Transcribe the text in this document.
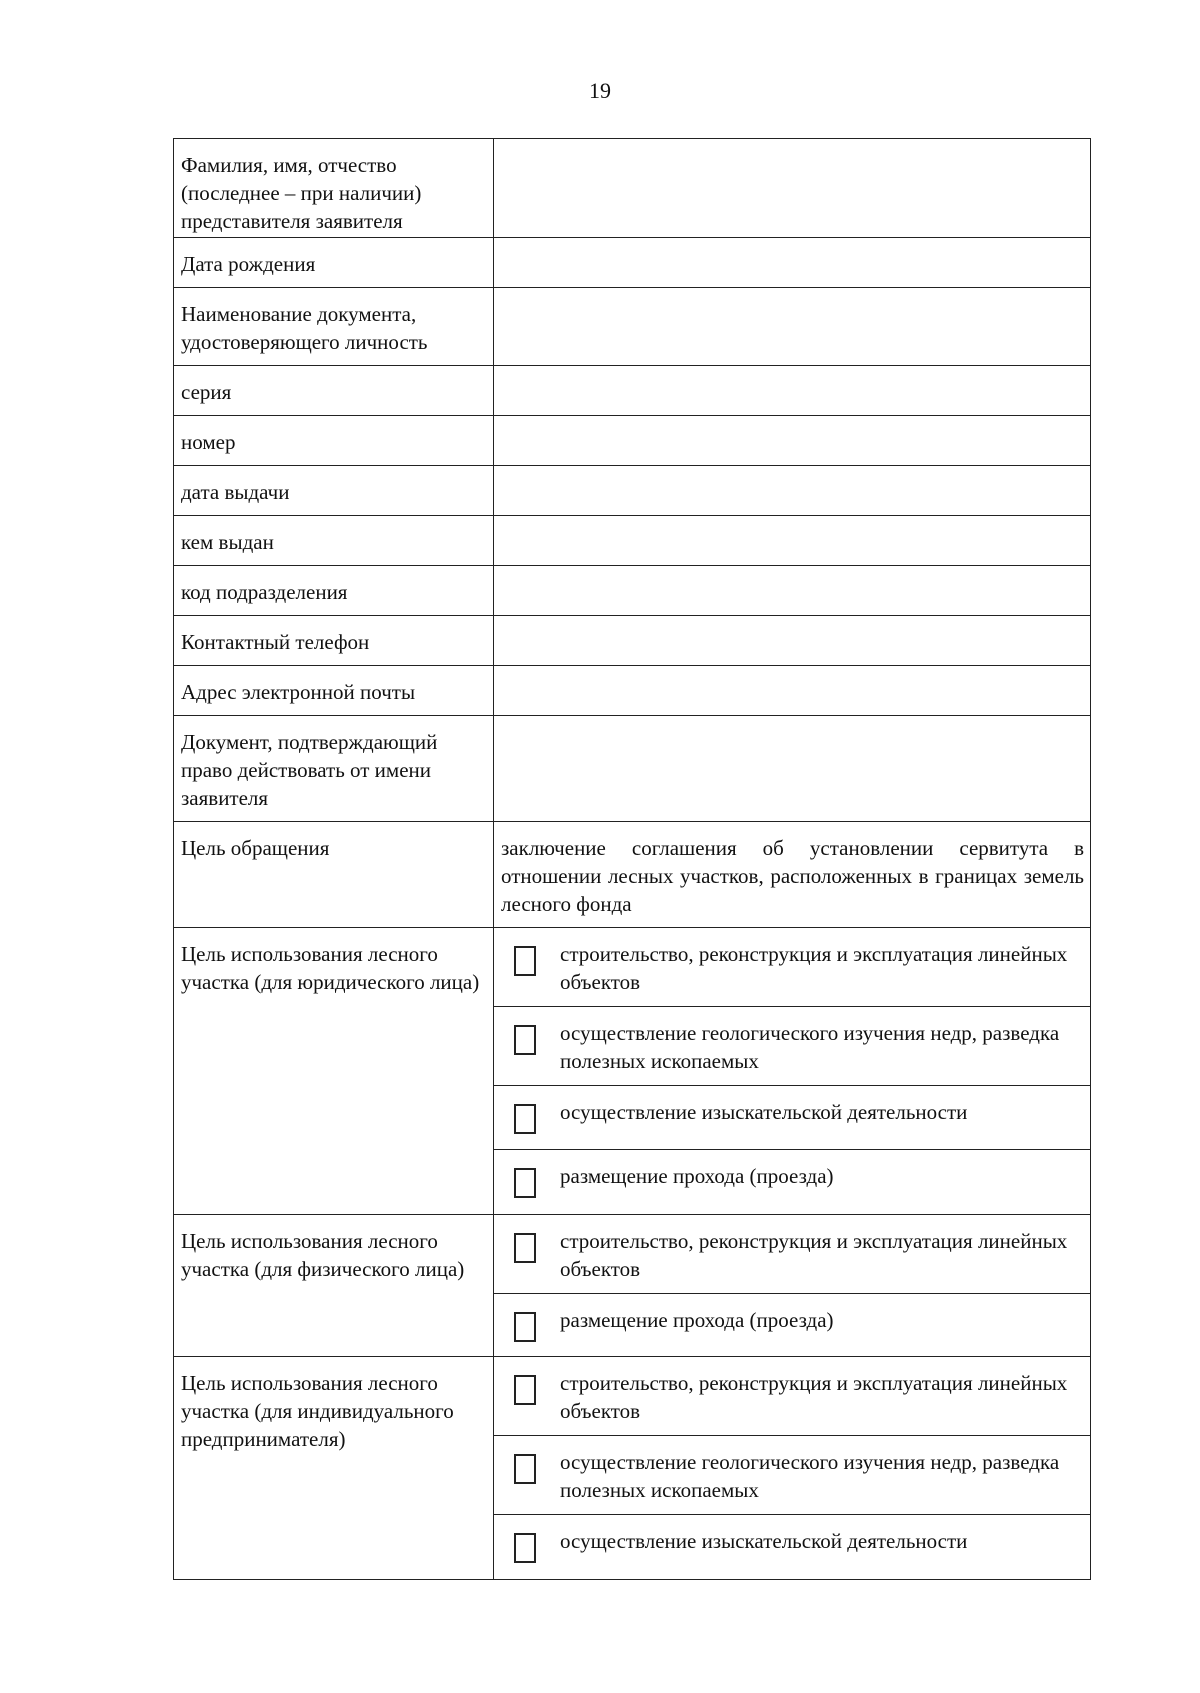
19
Фамилия, имя, отчество (последнее – при наличии) представителя заявителя
Дата рождения
Наименование документа, удостоверяющего личность
серия
номер
дата выдачи
кем выдан
код подразделения
Контактный телефон
Адрес электронной почты
Документ, подтверждающий право действовать от имени заявителя
Цель обращения	заключение соглашения об установлении сервитута в отношении лесных участков, расположенных в границах земель лесного фонда
Цель использования лесного участка (для юридического лица)
строительство, реконструкция и эксплуатация линейных объектов
осуществление геологического изучения недр, разведка полезных ископаемых
осуществление изыскательской деятельности
размещение прохода (проезда)
Цель использования лесного участка (для физического лица)
строительство, реконструкция и эксплуатация линейных объектов
размещение прохода (проезда)
Цель использования лесного участка (для индивидуального предпринимателя)
строительство, реконструкция и эксплуатация линейных объектов
осуществление геологического изучения недр, разведка полезных ископаемых
осуществление изыскательской деятельности
